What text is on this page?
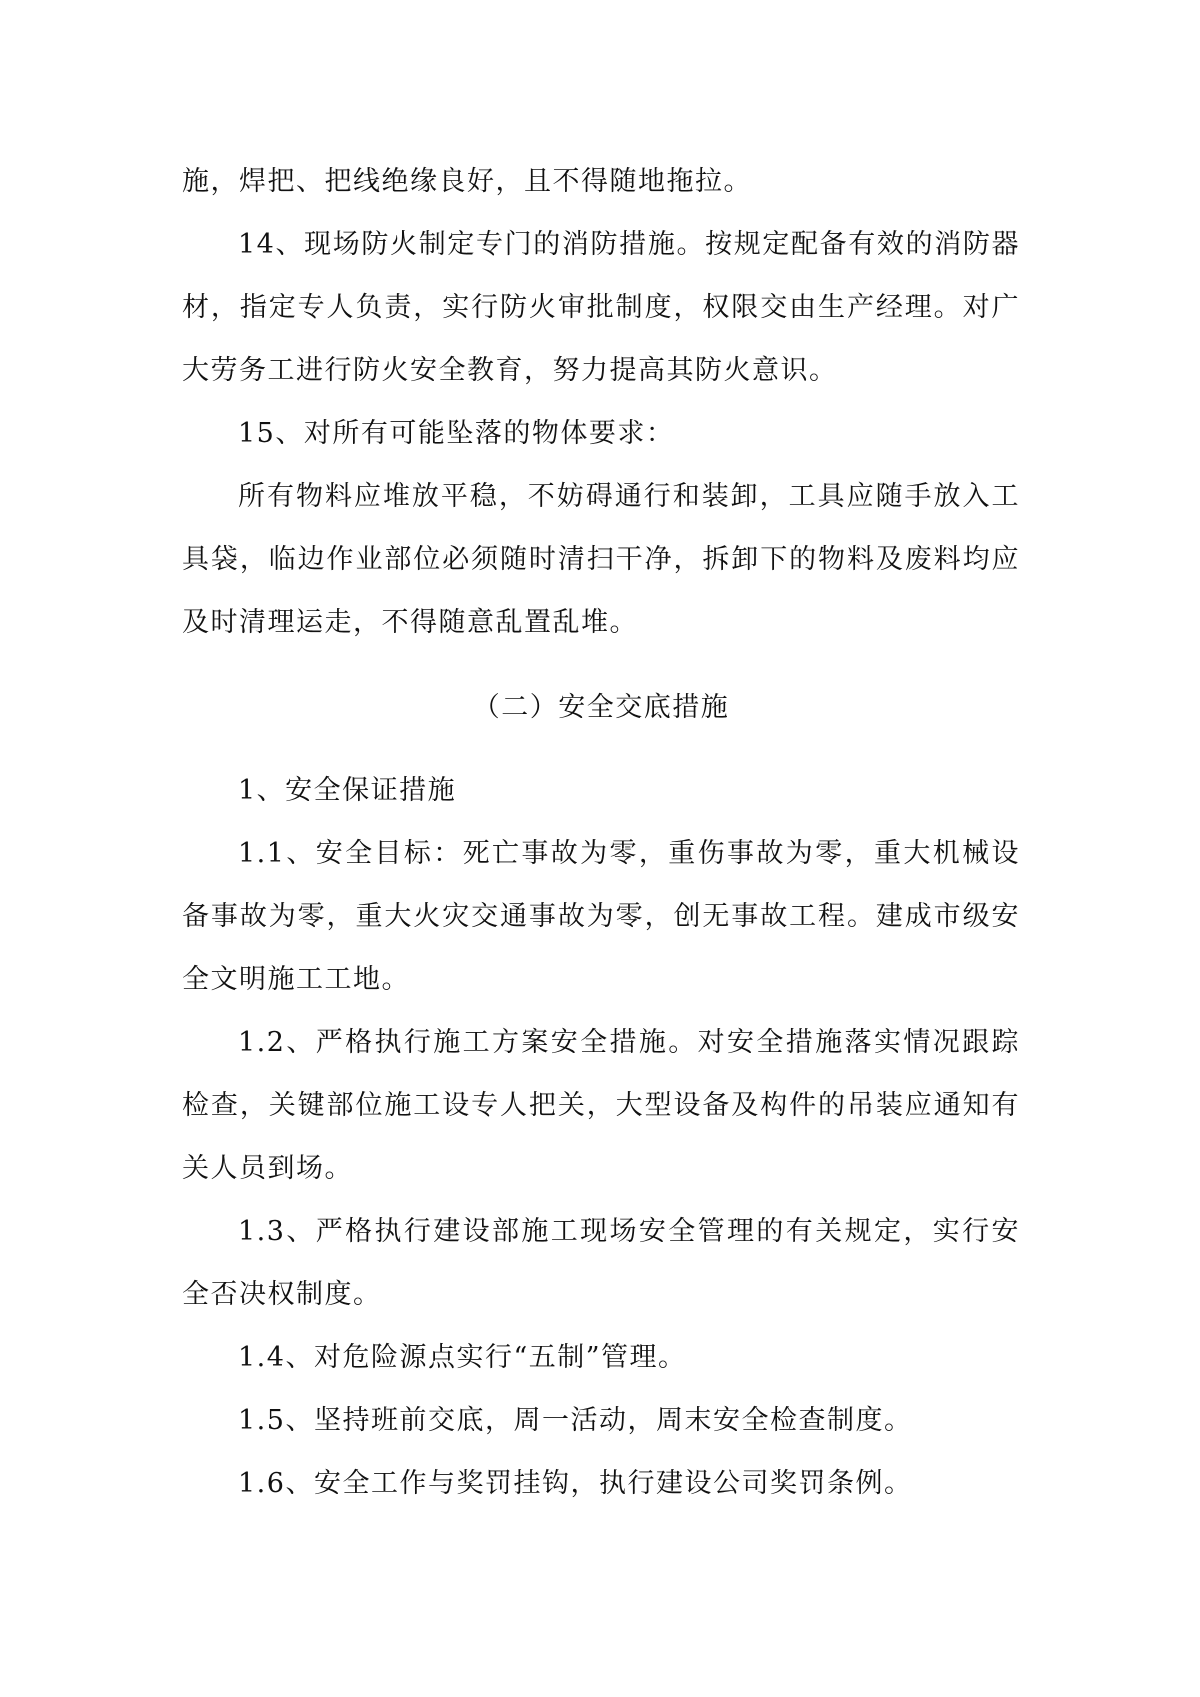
施，焊把、把线绝缘良好，且不得随地拖拉。

14、现场防火制定专门的消防措施。按规定配备有效的消防器材，指定专人负责，实行防火审批制度，权限交由生产经理。对广大劳务工进行防火安全教育，努力提高其防火意识。

15、对所有可能坠落的物体要求：

所有物料应堆放平稳，不妨碍通行和装卸，工具应随手放入工具袋，临边作业部位必须随时清扫干净，拆卸下的物料及废料均应及时清理运走，不得随意乱置乱堆。

（二）安全交底措施

1、安全保证措施

1.1、安全目标：死亡事故为零，重伤事故为零，重大机械设备事故为零，重大火灾交通事故为零，创无事故工程。建成市级安全文明施工工地。

1.2、严格执行施工方案安全措施。对安全措施落实情况跟踪检查，关键部位施工设专人把关，大型设备及构件的吊装应通知有关人员到场。

1.3、严格执行建设部施工现场安全管理的有关规定，实行安全否决权制度。

1.4、对危险源点实行“五制”管理。

1.5、坚持班前交底，周一活动，周末安全检查制度。

1.6、安全工作与奖罚挂钩，执行建设公司奖罚条例。
